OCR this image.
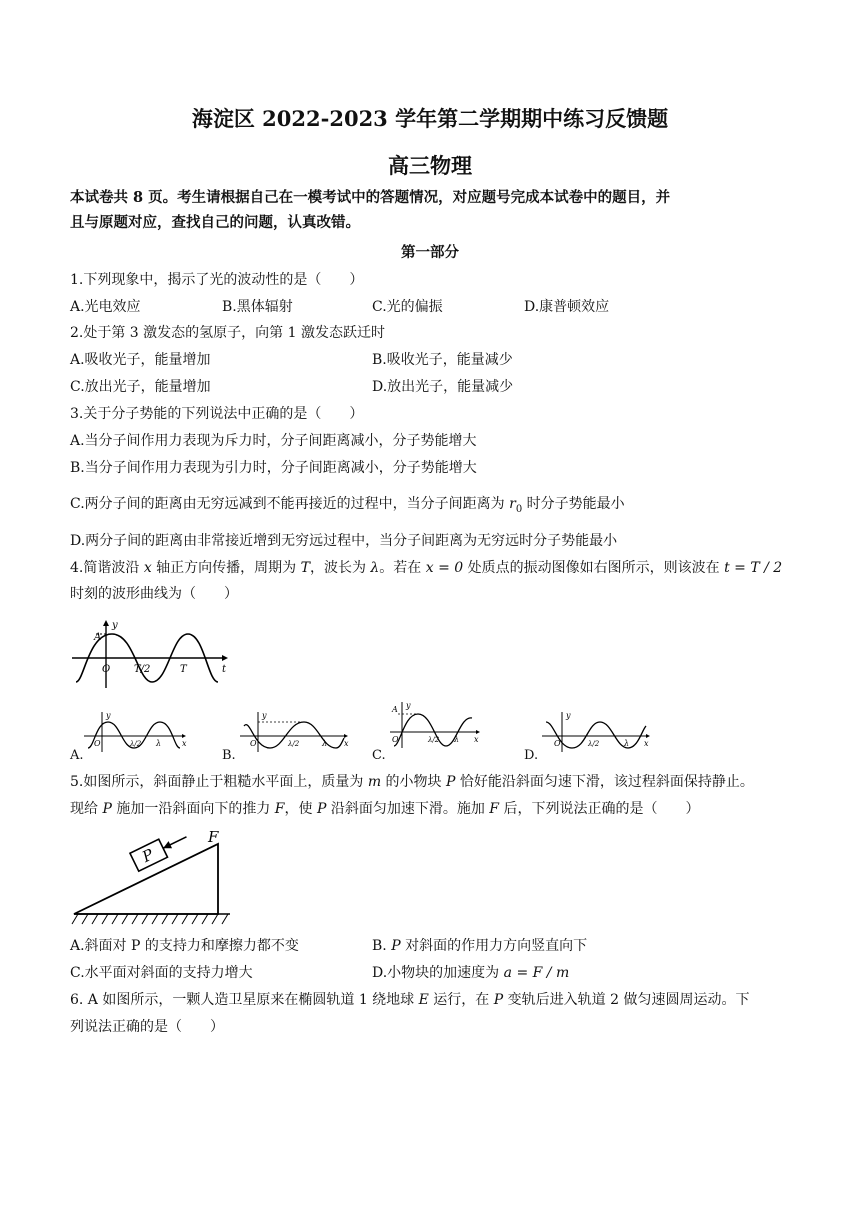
海淀区 2022-2023 学年第二学期期中练习反馈题
高三物理
本试卷共 8 页。考生请根据自己在一模考试中的答题情况，对应题号完成本试卷中的题目，并
且与原题对应，查找自己的问题，认真改错。
第一部分
1.下列现象中，揭示了光的波动性的是（　　）
A.光电效应	B.黑体辐射	C.光的偏振	D.康普顿效应
2.处于第 3 激发态的氢原子，向第 1 激发态跃迁时
A.吸收光子，能量增加	B.吸收光子，能量减少
C.放出光子，能量增加	D.放出光子，能量减少
3.关于分子势能的下列说法中正确的是（　　）
A.当分子间作用力表现为斥力时，分子间距离减小，分子势能增大
B.当分子间作用力表现为引力时，分子间距离减小，分子势能增大
C.两分子间的距离由无穷远减到不能再接近的过程中，当分子间距离为 $r_0$ 时分子势能最小
D.两分子间的距离由非常接近增到无穷远过程中，当分子间距离为无穷远时分子势能最小
4.简谐波沿 x 轴正方向传播，周期为 T，波长为 λ。若在 x = 0 处质点的振动图像如右图所示，则该波在 t = T / 2
时刻的波形曲线为（　　）
y
A
O T/2	T	t
A.
y
O	λ/2 λ	x
B.
y
O	λ/2	λ x
C.
y
A
O	λ/2 λ x
D.
y
O	λ/2	λ x
5.如图所示，斜面静止于粗糙水平面上，质量为 m 的小物块 P 恰好能沿斜面匀速下滑，该过程斜面保持静止。
现给 P 施加一沿斜面向下的推力 F，使 P 沿斜面匀加速下滑。施加 F 后，下列说法正确的是（　　）
P
F
A.斜面对 P 的支持力和摩擦力都不变	B. P 对斜面的作用力方向竖直向下
C.水平面对斜面的支持力增大	D.小物块的加速度为 a = F / m
6. A 如图所示，一颗人造卫星原来在椭圆轨道 1 绕地球 E 运行，在 P 变轨后进入轨道 2 做匀速圆周运动。下
列说法正确的是（　　）
